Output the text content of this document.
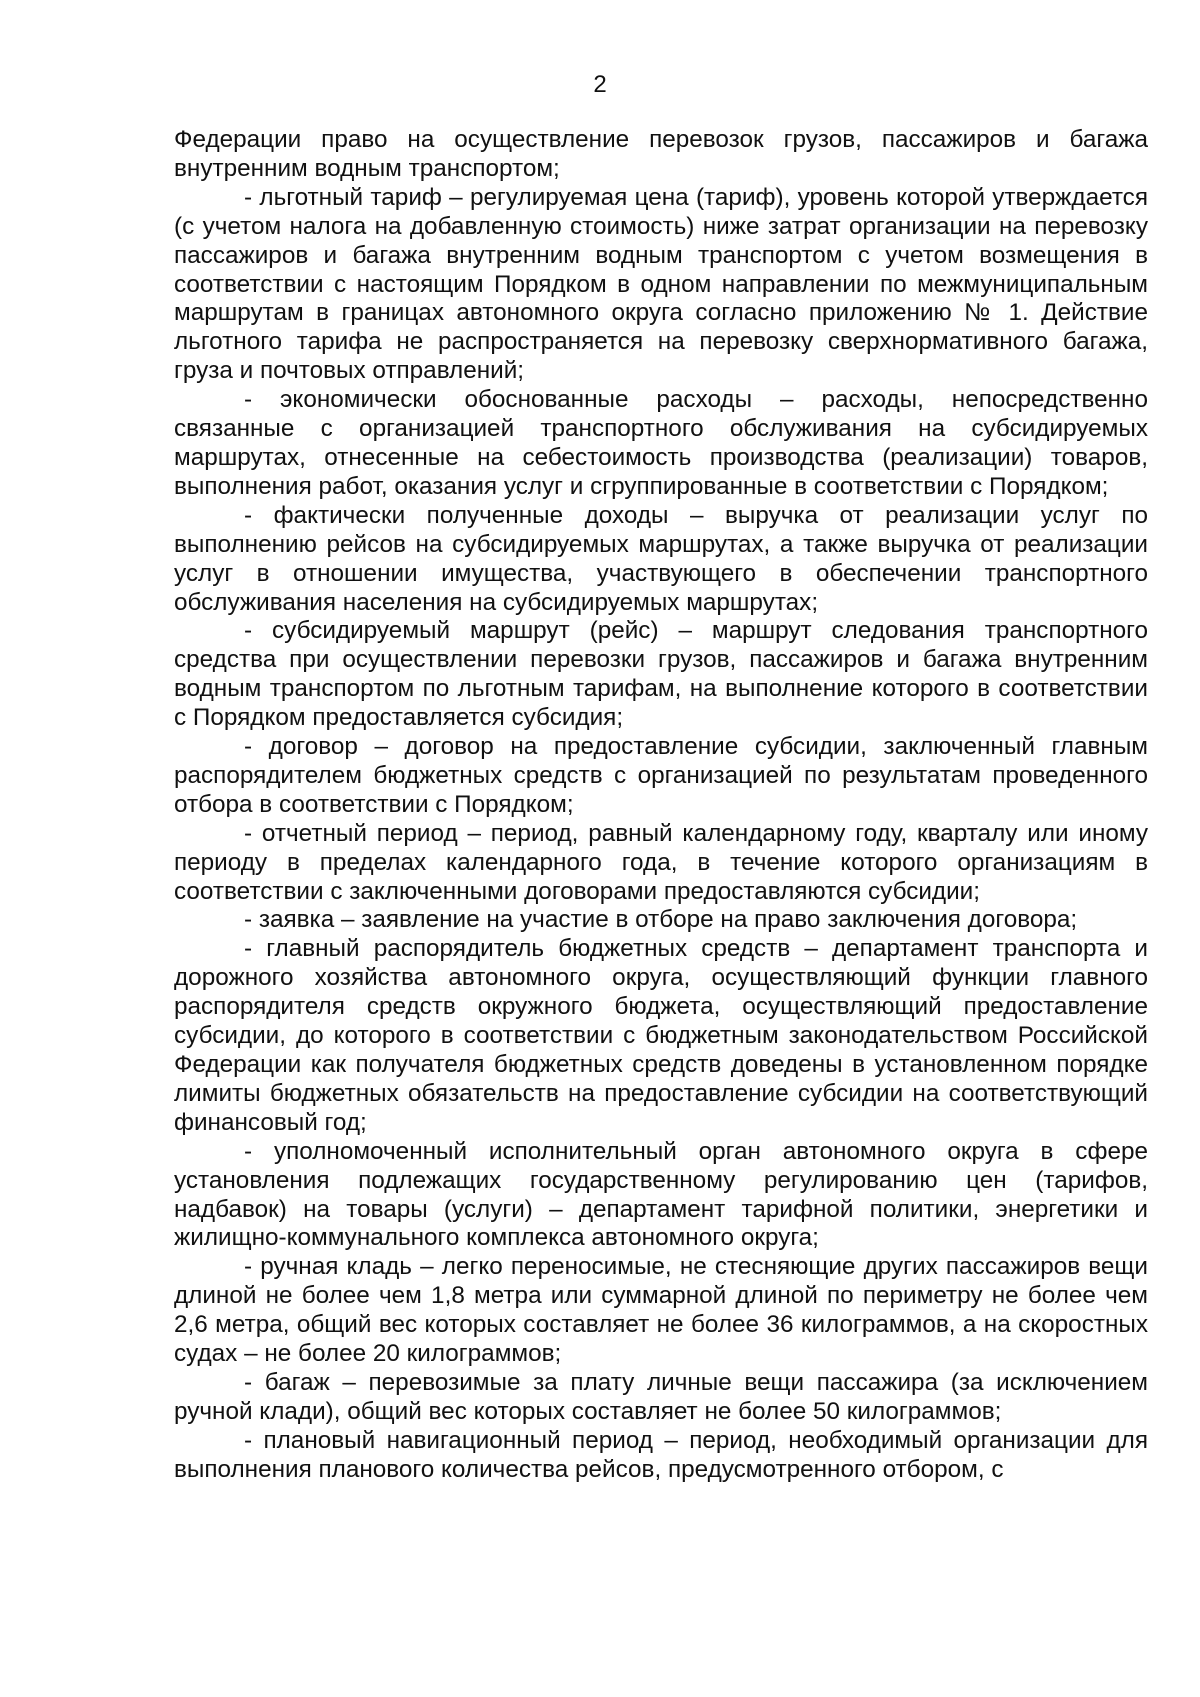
2

Федерации право на осуществление перевозок грузов, пассажиров и багажа внутренним водным транспортом;

- льготный тариф – регулируемая цена (тариф), уровень которой утверждается (с учетом налога на добавленную стоимость) ниже затрат организации на перевозку пассажиров и багажа внутренним водным транспортом с учетом возмещения в соответствии с настоящим Порядком в одном направлении по межмуниципальным маршрутам в границах автономного округа согласно приложению № 1. Действие льготного тарифа не распространяется на перевозку сверхнормативного багажа, груза и почтовых отправлений;

- экономически обоснованные расходы – расходы, непосредственно связанные с организацией транспортного обслуживания на субсидируемых маршрутах, отнесенные на себестоимость производства (реализации) товаров, выполнения работ, оказания услуг и сгруппированные в соответствии с Порядком;

- фактически полученные доходы – выручка от реализации услуг по выполнению рейсов на субсидируемых маршрутах, а также выручка от реализации услуг в отношении имущества, участвующего в обеспечении транспортного обслуживания населения на субсидируемых маршрутах;

- субсидируемый маршрут (рейс) – маршрут следования транспортного средства при осуществлении перевозки грузов, пассажиров и багажа внутренним водным транспортом по льготным тарифам, на выполнение которого в соответствии с Порядком предоставляется субсидия;

- договор – договор на предоставление субсидии, заключенный главным распорядителем бюджетных средств с организацией по результатам проведенного отбора в соответствии с Порядком;

- отчетный период – период, равный календарному году, кварталу или иному периоду в пределах календарного года, в течение которого организациям в соответствии с заключенными договорами предоставляются субсидии;

- заявка – заявление на участие в отборе на право заключения договора;

- главный распорядитель бюджетных средств – департамент транспорта и дорожного хозяйства автономного округа, осуществляющий функции главного распорядителя средств окружного бюджета, осуществляющий предоставление субсидии, до которого в соответствии с бюджетным законодательством Российской Федерации как получателя бюджетных средств доведены в установленном порядке лимиты бюджетных обязательств на предоставление субсидии на соответствующий финансовый год;

- уполномоченный исполнительный орган автономного округа в сфере установления подлежащих государственному регулированию цен (тарифов, надбавок) на товары (услуги) – департамент тарифной политики, энергетики и жилищно-коммунального комплекса автономного округа;

- ручная кладь – легко переносимые, не стесняющие других пассажиров вещи длиной не более чем 1,8 метра или суммарной длиной по периметру не более чем 2,6 метра, общий вес которых составляет не более 36 килограммов, а на скоростных судах – не более 20 килограммов;

- багаж – перевозимые за плату личные вещи пассажира (за исключением ручной клади), общий вес которых составляет не более 50 килограммов;

- плановый навигационный период – период, необходимый организации для выполнения планового количества рейсов, предусмотренного отбором, с
